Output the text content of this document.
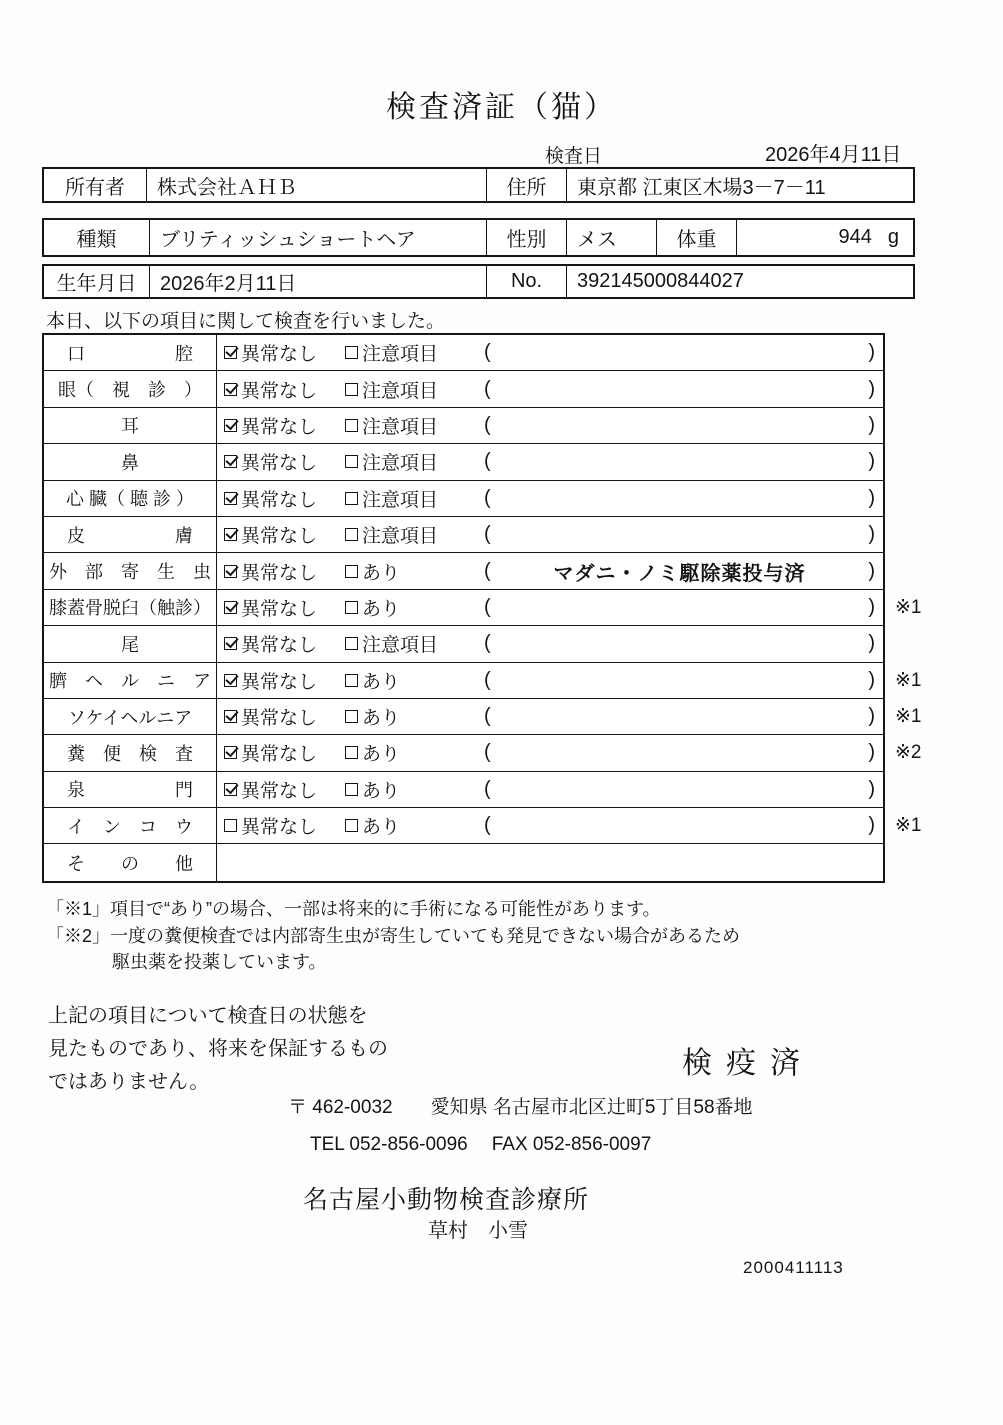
検査済証（猫）
検査日	2026年4月11日
所有者	株式会社ＡＨＢ	住所	東京都 江東区木場3－7－11
種類	ブリティッシュショートヘア	性別	メス	体重	944 g
生年月日	2026年2月11日	No.	392145000844027
本日、以下の項目に関して検査を行いました。
口　　　　　腔	異常なし 注意項目 (	)
眼（　視　診　）	異常なし 注意項目 (	)
耳	異常なし 注意項目 (	)
鼻	異常なし 注意項目 (	)
心 臓（ 聴 診 ）	異常なし 注意項目 (	)
皮　　　　　膚	異常なし 注意項目 (	)
外　部　寄　生　虫	異常なし あり	(	マダニ・ノミ駆除薬投与済	)
膝蓋骨脱臼（触診）	異常なし あり	(	) ※1
尾	異常なし 注意項目 (	)
臍　ヘ　ル　ニ　ア	異常なし あり	(	) ※1
ソケイヘルニア	異常なし あり	(	) ※1
糞　便　検　査	異常なし あり	(	) ※2
泉　　　　　門	異常なし あり	(	)
イ　ン　コ　ウ	異常なし あり	(	) ※1
そ　　の　　他
「※1」項目で“あり”の場合、一部は将来的に手術になる可能性があります。
「※2」一度の糞便検査では内部寄生虫が寄生していても発見できない場合があるため
駆虫薬を投薬しています。
上記の項目について検査日の状態を
見たものであり、将来を保証するもの
ではありません。
検疫済
〒 462-0032 愛知県 名古屋市北区辻町5丁目58番地
TEL 052-856-0096 FAX 052-856-0097
名古屋小動物検査診療所
草村　小雪
2000411113
